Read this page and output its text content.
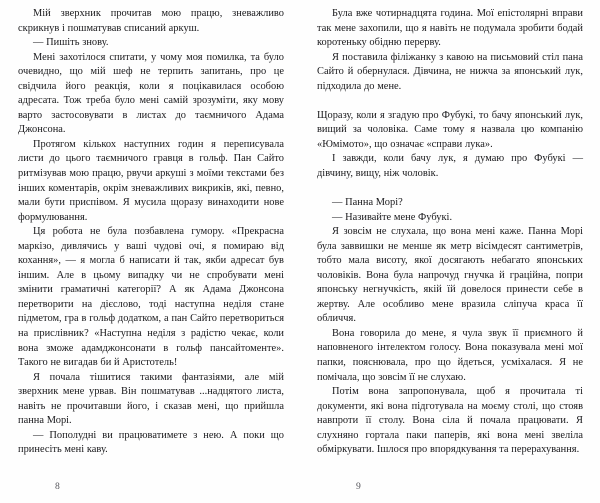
Мій зверхник прочитав мою працю, зневажливо скрикнув і пошматував списаний аркуш.

— Пишіть знову.

Мені захотілося спитати, у чому моя помилка, та було очевидно, що мій шеф не терпить запитань, про це свідчила його реакція, коли я поцікавилася особою адресата. Тож треба було мені самій зрозуміти, яку мову варто застосовувати в листах до таємничого Адама Джонсона.

Протягом кількох наступних годин я переписувала листи до цього таємничого гравця в гольф. Пан Сайто ритмізував мою працю, рвучи аркуші з моїми текстами без інших коментарів, окрім зневажливих викриків, які, певно, мали бути приспівом. Я мусила щоразу винаходити нове формулювання.

Ця робота не була позбавлена гумору. «Прекрасна маркізо, дивлячись у ваші чудові очі, я помираю від кохання», — я могла б написати й так, якби адресат був іншим. Але в цьому випадку чи не спробувати мені змінити граматичні категорії? А як Адама Джонсона перетворити на дієслово, тоді наступна неділя стане підметом, гра в гольф додатком, а пан Сайто перетвориться на прислівник? «Наступна неділя з радістю чекає, коли вона зможе адамджонсонати в гольф пансайтоменте». Такого не вигадав би й Аристотель!

Я почала тішитися такими фантазіями, але мій зверхник мене урвав. Він пошматував ...надцятого листа, навіть не прочитавши його, і сказав мені, що прийшла панна Морі.

— Пополудні ви працюватимете з нею. А поки що принесіть мені каву.

8

Була вже чотирнадцята година. Мої епістолярні вправи так мене захопили, що я навіть не подумала зробити бодай коротеньку обідню перерву.

Я поставила філіжанку з кавою на письмовий стіл пана Сайто й обернулася. Дівчина, не нижча за японський лук, підходила до мене.

Щоразу, коли я згадую про Фубукі, то бачу японський лук, вищий за чоловіка. Саме тому я назвала цю компанію «Юмімото», що означає «справи лука».

І завжди, коли бачу лук, я думаю про Фубукі — дівчину, вищу, ніж чоловік.

— Панна Морі?

— Називайте мене Фубукі.

Я зовсім не слухала, що вона мені каже. Панна Морі була заввишки не менше як метр вісімдесят сантиметрів, тобто мала висоту, якої досягають небагато японських чоловіків. Вона була напрочуд гнучка й граційна, попри японську негнучкість, якій їй довелося принести себе в жертву. Але особливо мене вразила сліпуча краса її обличчя.

Вона говорила до мене, я чула звук її приємного й наповненого інтелектом голосу. Вона показувала мені мої папки, пояснювала, про що йдеться, усміхалася. Я не помічала, що зовсім її не слухаю.

Потім вона запропонувала, щоб я прочитала ті документи, які вона підготувала на моєму столі, що стояв навпроти її столу. Вона сіла й почала працювати. Я слухняно гортала паки паперів, які вона мені звеліла обміркувати. Ішлося про впорядкування та перерахування.

9
